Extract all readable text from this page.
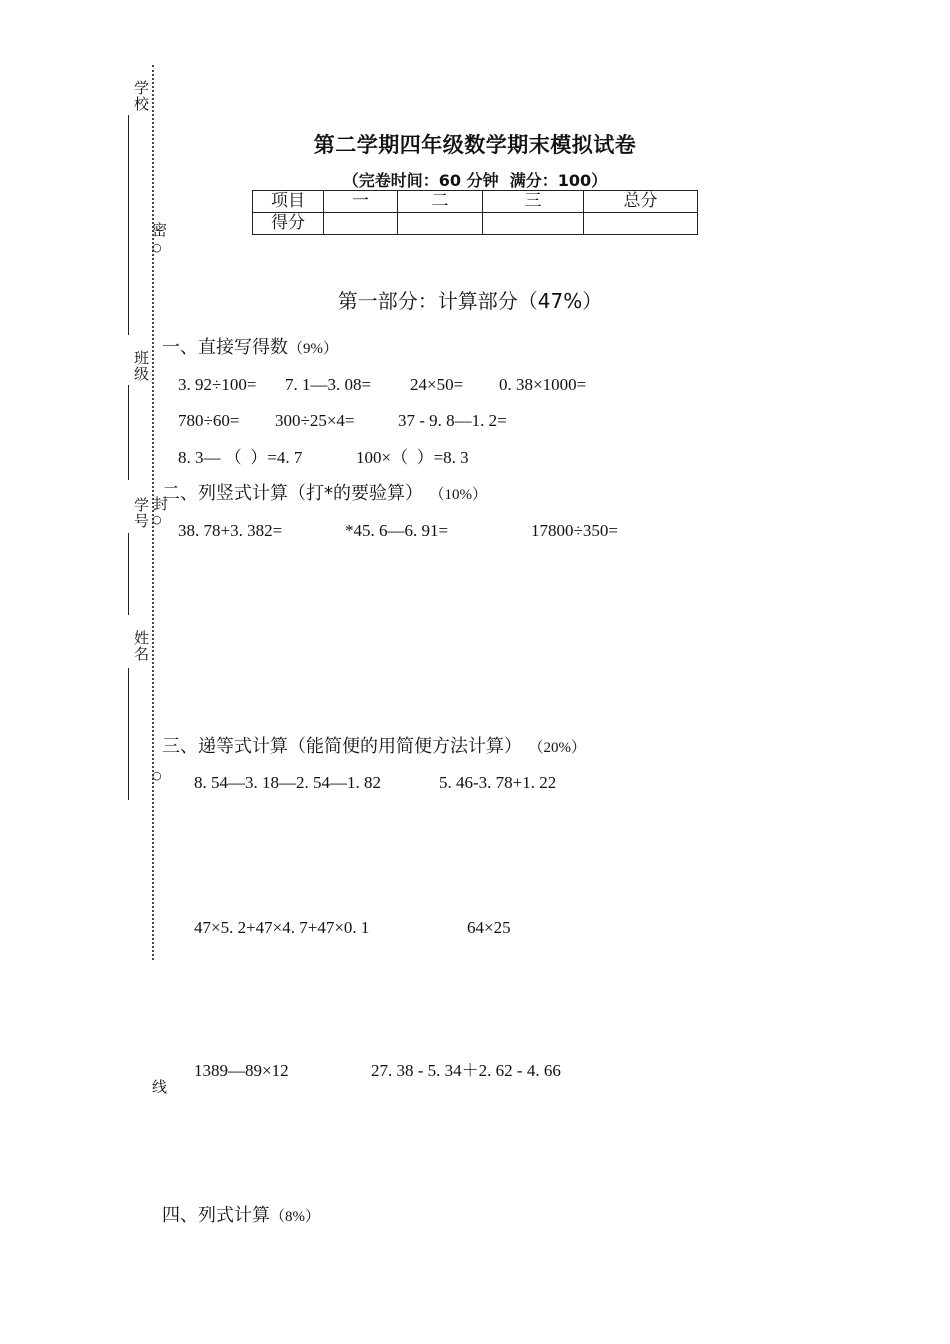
学校
班级
学号
姓名
密
○
封
○
○
线
第二学期四年级数学期末模拟试卷
（完卷时间：60 分钟  满分：100）
项目	一	二	三	总分
得分				
第一部分：计算部分（47%）
一、直接写得数（9%）
3. 92÷100= 7. 1—3. 08= 24×50= 0. 38×1000=
780÷60= 300÷25×4=	37 - 9. 8—1. 2=
8. 3— （  ）=4. 7	100×（  ）=8. 3
二、列竖式计算（打*的要验算） （10%）
38. 78+3. 382=	*45. 6—6. 91=	17800÷350=
三、递等式计算（能简便的用简便方法计算） （20%）
8. 54—3. 18—2. 54—1. 82	5. 46-3. 78+1. 22
47×5. 2+47×4. 7+47×0. 1	64×25
1389—89×12	27. 38 - 5. 34＋2. 62 - 4. 66
四、列式计算（8%）
